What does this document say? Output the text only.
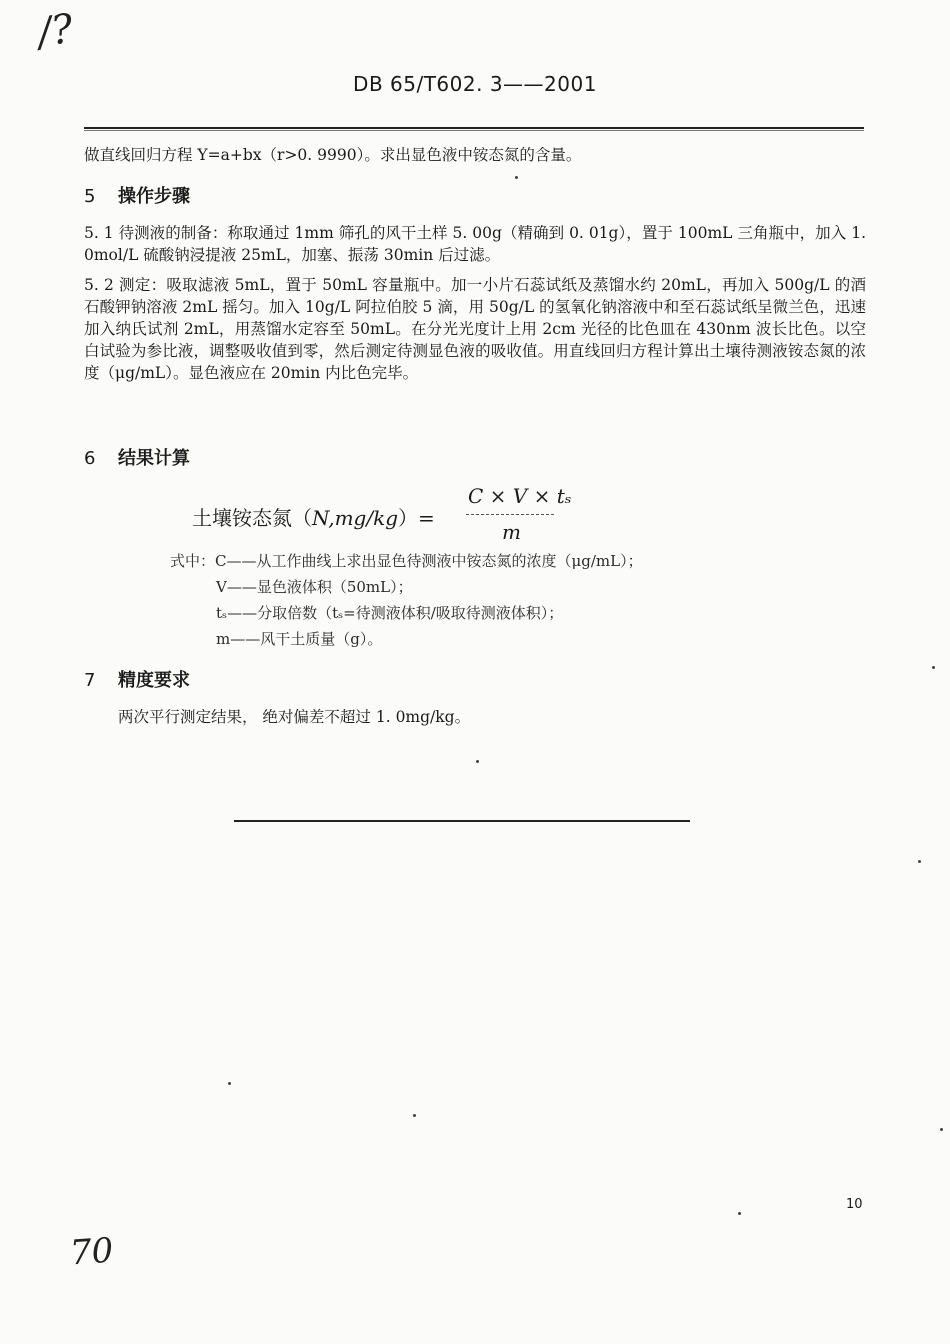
/?
DB 65/T602. 3——2001
做直线回归方程 Y=a+bx（r>0. 9990）。求出显色液中铵态氮的含量。
5 操作步骤
5. 1 待测液的制备：称取通过 1mm 筛孔的风干土样 5. 00g（精确到 0. 01g），置于 100mL 三角瓶中，加入 1. 0mol/L 硫酸钠浸提液 25mL，加塞、振荡 30min 后过滤。
5. 2 测定：吸取滤液 5mL，置于 50mL 容量瓶中。加一小片石蕊试纸及蒸馏水约 20mL，再加入 500g/L 的酒石酸钾钠溶液 2mL 摇匀。加入 10g/L 阿拉伯胶 5 滴，用 50g/L 的氢氧化钠溶液中和至石蕊试纸呈微兰色，迅速加入纳氏试剂 2mL，用蒸馏水定容至 50mL。在分光光度计上用 2cm 光径的比色皿在 430nm 波长比色。以空白试验为参比液，调整吸收值到零，然后测定待测显色液的吸收值。用直线回归方程计算出土壤待测液铵态氮的浓度（μg/mL）。显色液应在 20min 内比色完毕。
6 结果计算
土壤铵态氮（N,mg/kg）=
C × V × tₛ
m
式中：C——从工作曲线上求出显色待测液中铵态氮的浓度（μg/mL）；
V——显色液体积（50mL）；
tₛ——分取倍数（tₛ=待测液体积/吸取待测液体积）；
m——风干土质量（g）。
7 精度要求
两次平行测定结果， 绝对偏差不超过 1. 0mg/kg。
10
70
